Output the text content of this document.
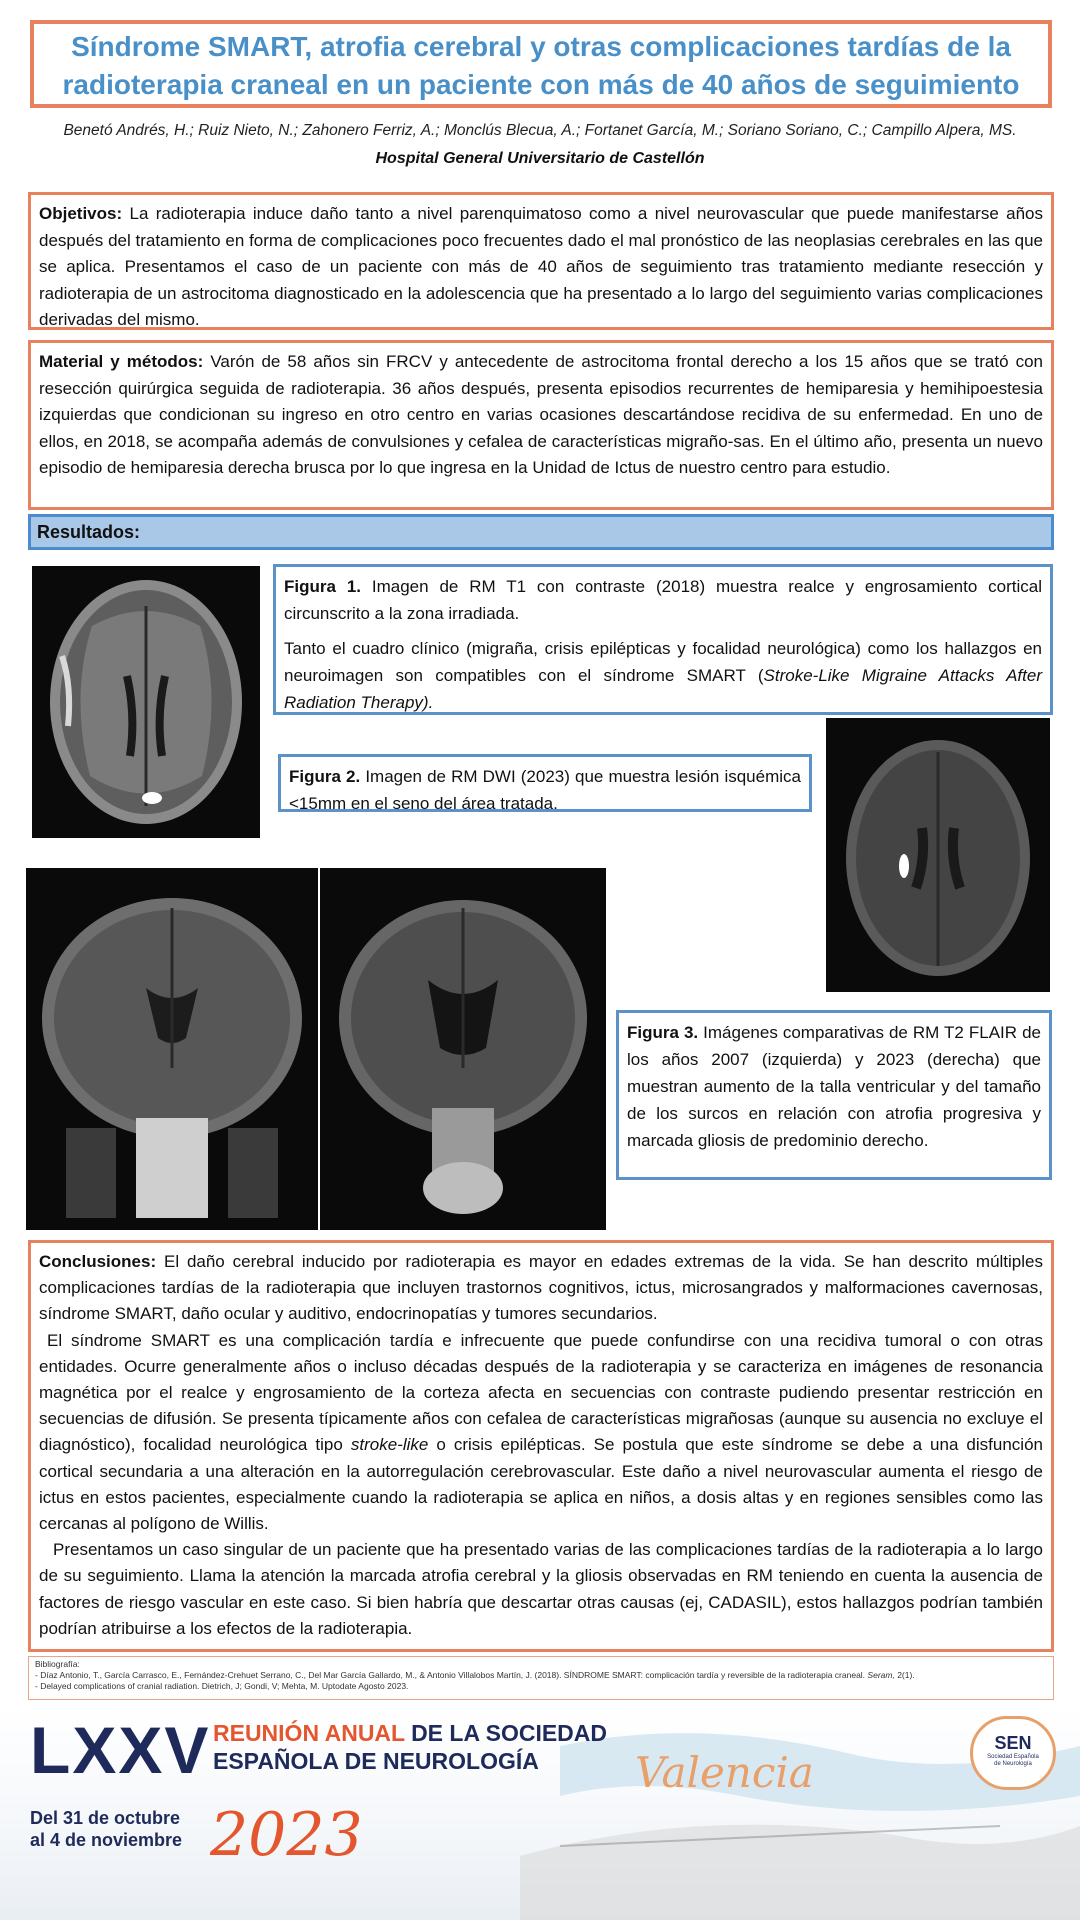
Síndrome SMART, atrofia cerebral y otras complicaciones tardías de la radioterapia craneal en un paciente con más de 40 años de seguimiento
Benetó Andrés, H.; Ruiz Nieto, N.; Zahonero Ferriz, A.; Monclús Blecua, A.; Fortanet García, M.; Soriano Soriano, C.; Campillo Alpera, MS.
Hospital General Universitario de Castellón
Objetivos: La radioterapia induce daño tanto a nivel parenquimatoso como a nivel neurovascular que puede manifestarse años después del tratamiento en forma de complicaciones poco frecuentes dado el mal pronóstico de las neoplasias cerebrales en las que se aplica. Presentamos el caso de un paciente con más de 40 años de seguimiento tras tratamiento mediante resección y radioterapia de un astrocitoma diagnosticado en la adolescencia que ha presentado a lo largo del seguimiento varias complicaciones derivadas del mismo.
Material y métodos: Varón de 58 años sin FRCV y antecedente de astrocitoma frontal derecho a los 15 años que se trató con resección quirúrgica seguida de radioterapia. 36 años después, presenta episodios recurrentes de hemiparesia y hemihipoestesia izquierdas que condicionan su ingreso en otro centro en varias ocasiones descartándose recidiva de su enfermedad. En uno de ellos, en 2018, se acompaña además de convulsiones y cefalea de características migraño-sas. En el último año, presenta un nuevo episodio de hemiparesia derecha brusca por lo que ingresa en la Unidad de Ictus de nuestro centro para estudio.
Resultados:
Figura 1. Imagen de RM T1 con contraste (2018) muestra realce y engrosamiento cortical circunscrito a la zona irradiada.
Tanto el cuadro clínico (migraña, crisis epilépticas y focalidad neurológica) como los hallazgos en neuroimagen son compatibles con el síndrome SMART (Stroke-Like Migraine Attacks After Radiation Therapy).
Figura 2. Imagen de RM DWI (2023) que muestra lesión isquémica <15mm en el seno del área tratada.
Figura 3. Imágenes comparativas de RM T2 FLAIR de los años 2007 (izquierda) y 2023 (derecha) que muestran aumento de la talla ventricular y del tamaño de los surcos en relación con atrofia progresiva y marcada gliosis de predominio derecho.
Conclusiones: El daño cerebral inducido por radioterapia es mayor en edades extremas de la vida. Se han descrito múltiples complicaciones tardías de la radioterapia que incluyen trastornos cognitivos, ictus, microsangrados y malformaciones cavernosas, síndrome SMART, daño ocular y auditivo, endocrinopatías y tumores secundarios.
El síndrome SMART es una complicación tardía e infrecuente que puede confundirse con una recidiva tumoral o con otras entidades. Ocurre generalmente años o incluso décadas después de la radioterapia y se caracteriza en imágenes de resonancia magnética por el realce y engrosamiento de la corteza afecta en secuencias con contraste pudiendo presentar restricción en secuencias de difusión. Se presenta típicamente años con cefalea de características migrañosas (aunque su ausencia no excluye el diagnóstico), focalidad neurológica tipo stroke-like o crisis epilépticas. Se postula que este síndrome se debe a una disfunción cortical secundaria a una alteración en la autorregulación cerebrovascular. Este daño a nivel neurovascular aumenta el riesgo de ictus en estos pacientes, especialmente cuando la radioterapia se aplica en niños, a dosis altas y en regiones sensibles como las cercanas al polígono de Willis.
Presentamos un caso singular de un paciente que ha presentado varias de las complicaciones tardías de la radioterapia a lo largo de su seguimiento. Llama la atención la marcada atrofia cerebral y la gliosis observadas en RM teniendo en cuenta la ausencia de factores de riesgo vascular en este caso. Si bien habría que descartar otras causas (ej, CADASIL), estos hallazgos podrían también podrían atribuirse a los efectos de la radioterapia.
Bibliografía:
- Díaz Antonio, T., García Carrasco, E., Fernández-Crehuet Serrano, C., Del Mar García Gallardo, M., & Antonio Villalobos Martín, J. (2018). SÍNDROME SMART: complicación tardía y reversible de la radioterapia craneal. Seram, 2(1).
- Delayed complications of cranial radiation. Dietrich, J; Gondi, V; Mehta, M. Uptodate Agosto 2023.
LXXV REUNIÓN ANUAL DE LA SOCIEDAD
ESPAÑOLA DE NEUROLOGÍA Valencia
Del 31 de octubre
al 4 de noviembre 2023
SEN
Sociedad Española de Neurología
